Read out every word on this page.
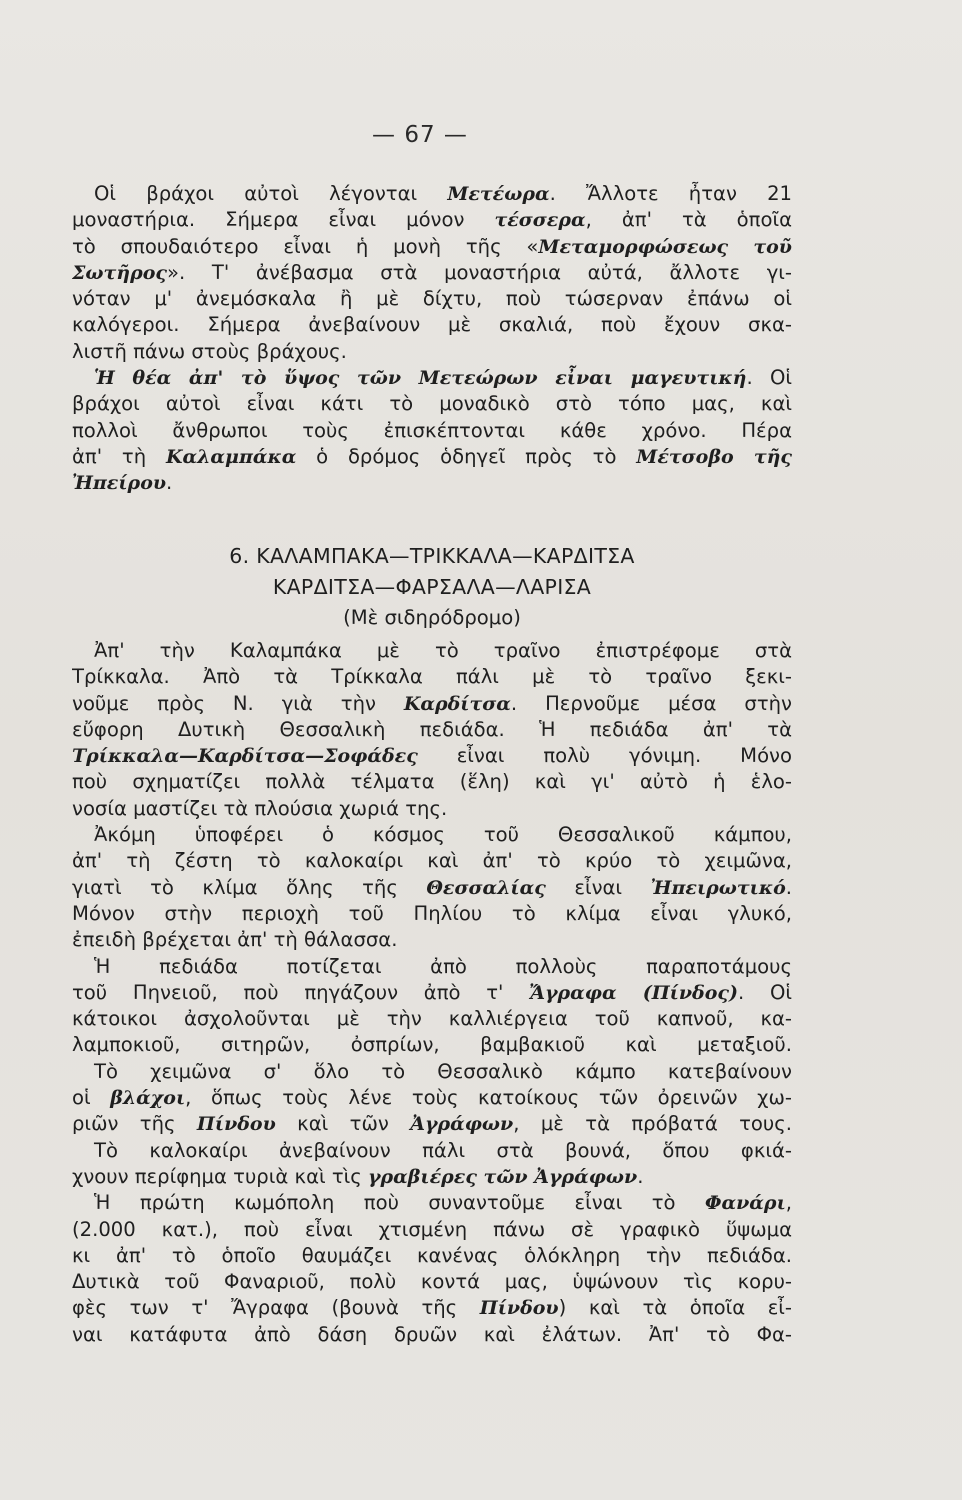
— 67 —
Οἱ βράχοι αὐτοὶ λέγονται Μετέωρα. Ἄλλοτε ἦταν 21
μοναστήρια. Σήμερα εἶναι μόνον τέσσερα, ἀπ' τὰ ὁποῖα
τὸ σπουδαιότερο εἶναι ἡ μονὴ τῆς «Μεταμορφώσεως τοῦ
Σωτῆρος». Τ' ἀνέβασμα στὰ μοναστήρια αὐτά, ἄλλοτε γι-
νόταν μ' ἀνεμόσκαλα ἢ μὲ δίχτυ, ποὺ τώσερναν ἐπάνω οἱ
καλόγεροι. Σήμερα ἀνεβαίνουν μὲ σκαλιά, ποὺ ἔχουν σκα-
λιστῆ πάνω στοὺς βράχους.
Ἡ θέα ἀπ' τὸ ὕψος τῶν Μετεώρων εἶναι μαγευτική. Οἱ
βράχοι αὐτοὶ εἶναι κάτι τὸ μοναδικὸ στὸ τόπο μας, καὶ
πολλοὶ ἄνθρωποι τοὺς ἐπισκέπτονται κάθε χρόνο. Πέρα
ἀπ' τὴ Καλαμπάκα ὁ δρόμος ὁδηγεῖ πρὸς τὸ Μέτσοβο τῆς
Ἠπείρου.
6. ΚΑΛΑΜΠΑΚΑ—ΤΡΙΚΚΑΛΑ—ΚΑΡΔΙΤΣΑ
ΚΑΡΔΙΤΣΑ—ΦΑΡΣΑΛΑ—ΛΑΡΙΣΑ
(Μὲ σιδηρόδρομο)
Ἀπ' τὴν Καλαμπάκα μὲ τὸ τραῖνο ἐπιστρέφομε στὰ
Τρίκκαλα. Ἀπὸ τὰ Τρίκκαλα πάλι μὲ τὸ τραῖνο ξεκι-
νοῦμε πρὸς Ν. γιὰ τὴν Καρδίτσα. Περνοῦμε μέσα στὴν
εὔφορη Δυτικὴ Θεσσαλικὴ πεδιάδα. Ἡ πεδιάδα ἀπ' τὰ
Τρίκκαλα—Καρδίτσα—Σοφάδες εἶναι πολὺ γόνιμη. Μόνο
ποὺ σχηματίζει πολλὰ τέλματα (ἕλη) καὶ γι' αὐτὸ ἡ ἑλο-
νοσία μαστίζει τὰ πλούσια χωριά της.
Ἀκόμη ὑποφέρει ὁ κόσμος τοῦ Θεσσαλικοῦ κάμπου,
ἀπ' τὴ ζέστη τὸ καλοκαίρι καὶ ἀπ' τὸ κρύο τὸ χειμῶνα,
γιατὶ τὸ κλίμα ὅλης τῆς Θεσσαλίας εἶναι Ἠπειρωτικό.
Μόνον στὴν περιοχὴ τοῦ Πηλίου τὸ κλίμα εἶναι γλυκό,
ἐπειδὴ βρέχεται ἀπ' τὴ θάλασσα.
Ἡ πεδιάδα ποτίζεται ἀπὸ πολλοὺς παραποτάμους
τοῦ Πηνειοῦ, ποὺ πηγάζουν ἀπὸ τ' Ἄγραφα (Πίνδος). Οἱ
κάτοικοι ἀσχολοῦνται μὲ τὴν καλλιέργεια τοῦ καπνοῦ, κα-
λαμποκιοῦ, σιτηρῶν, ὀσπρίων, βαμβακιοῦ καὶ μεταξιοῦ.
Τὸ χειμῶνα σ' ὅλο τὸ Θεσσαλικὸ κάμπο κατεβαίνουν
οἱ βλάχοι, ὅπως τοὺς λένε τοὺς κατοίκους τῶν ὀρεινῶν χω-
ριῶν τῆς Πίνδου καὶ τῶν Ἀγράφων, μὲ τὰ πρόβατά τους.
Τὸ καλοκαίρι ἀνεβαίνουν πάλι στὰ βουνά, ὅπου φκιά-
χνουν περίφημα τυριὰ καὶ τὶς γραβιέρες τῶν Ἀγράφων.
Ἡ πρώτη κωμόπολη ποὺ συναντοῦμε εἶναι τὸ Φανάρι,
(2.000 κατ.), ποὺ εἶναι χτισμένη πάνω σὲ γραφικὸ ὕψωμα
κι ἀπ' τὸ ὁποῖο θαυμάζει κανένας ὁλόκληρη τὴν πεδιάδα.
Δυτικὰ τοῦ Φαναριοῦ, πολὺ κοντά μας, ὑψώνουν τὶς κορυ-
φὲς των τ' Ἄγραφα (βουνὰ τῆς Πίνδου) καὶ τὰ ὁποῖα εἶ-
ναι κατάφυτα ἀπὸ δάση δρυῶν καὶ ἐλάτων. Ἀπ' τὸ Φα-
